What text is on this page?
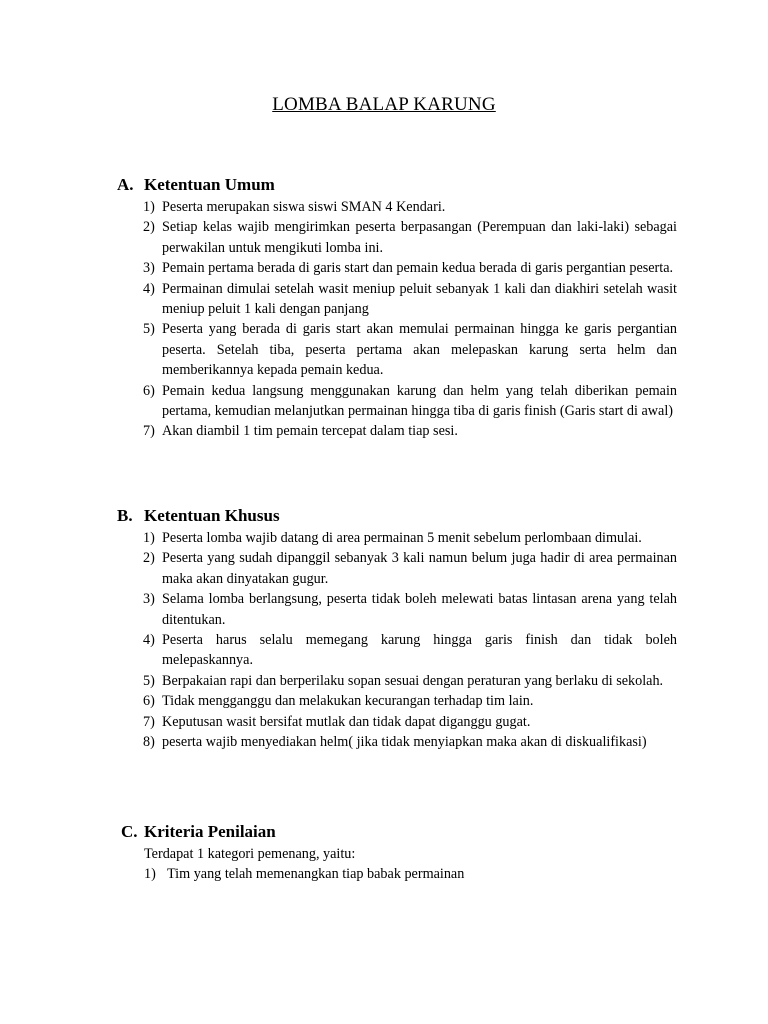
LOMBA BALAP KARUNG
A. Ketentuan Umum
1) Peserta merupakan siswa siswi SMAN 4 Kendari.
2) Setiap kelas wajib mengirimkan peserta berpasangan (Perempuan dan laki-laki) sebagai perwakilan untuk mengikuti lomba ini.
3) Pemain pertama berada di garis start dan pemain kedua berada di garis pergantian peserta.
4) Permainan dimulai setelah wasit meniup peluit sebanyak 1 kali dan diakhiri setelah wasit meniup peluit 1 kali dengan panjang
5) Peserta yang berada di garis start akan memulai permainan hingga ke garis pergantian peserta. Setelah tiba, peserta pertama akan melepaskan karung serta helm dan memberikannya kepada pemain kedua.
6) Pemain kedua langsung menggunakan karung dan helm yang telah diberikan pemain pertama, kemudian melanjutkan permainan hingga tiba di garis finish (Garis start di awal)
7) Akan diambil 1 tim pemain tercepat dalam tiap sesi.
B. Ketentuan Khusus
1) Peserta lomba wajib datang di area permainan 5 menit sebelum perlombaan dimulai.
2) Peserta yang sudah dipanggil sebanyak 3 kali namun belum juga hadir di area permainan maka akan dinyatakan gugur.
3) Selama lomba berlangsung, peserta tidak boleh melewati batas lintasan arena yang telah ditentukan.
4) Peserta harus selalu memegang karung hingga garis finish dan tidak boleh melepaskannya.
5) Berpakaian rapi dan berperilaku sopan sesuai dengan peraturan yang berlaku di sekolah.
6) Tidak mengganggu dan melakukan kecurangan terhadap tim lain.
7) Keputusan wasit bersifat mutlak dan tidak dapat diganggu gugat.
8) peserta wajib menyediakan helm( jika tidak menyiapkan maka akan di diskualifikasi)
C. Kriteria Penilaian
Terdapat 1 kategori pemenang, yaitu:
1) Tim yang telah memenangkan tiap babak permainan
